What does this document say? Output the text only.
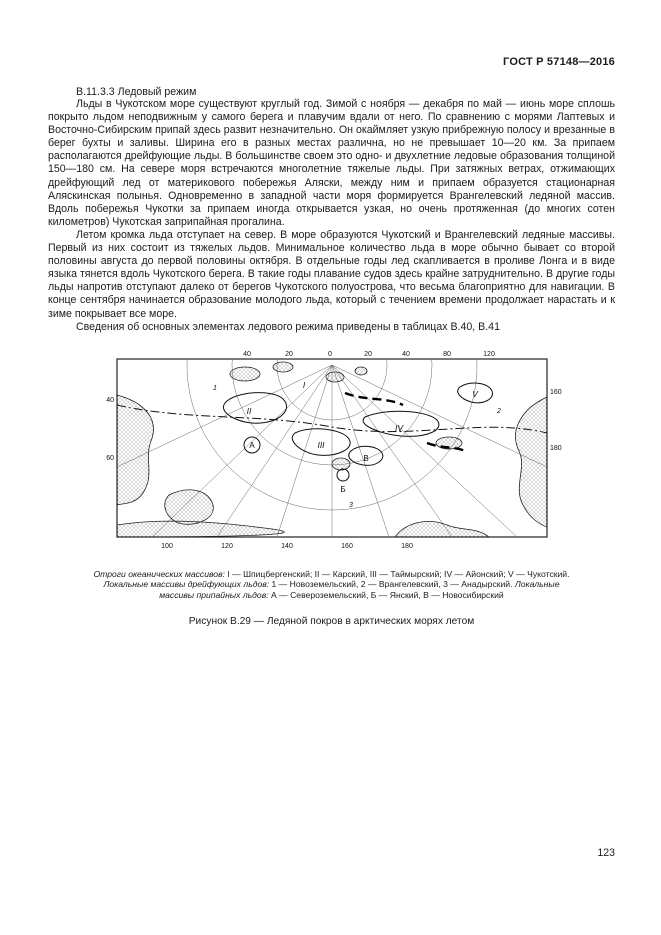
ГОСТ Р 57148—2016
В.11.3.3 Ледовый режим

Льды в Чукотском море существуют круглый год. Зимой с ноября — декабря по май — июнь море сплошь покрыто льдом неподвижным у самого берега и плавучим вдали от него. По сравнению с морями Лаптевых и Восточно-Сибирским припай здесь развит незначительно. Он окаймляет узкую прибрежную полосу и врезанные в берег бухты и заливы. Ширина его в разных местах различна, но не превышает 10—20 км. За припаем располагаются дрейфующие льды. В большинстве своем это одно- и двухлетние ледовые образования толщиной 150—180 см. На севере моря встречаются многолетние тяжелые льды. При затяжных ветрах, отжимающих дрейфующий лед от материкового побережья Аляски, между ним и припаем образуется стационарная Аляскинская полынья. Одновременно в западной части моря формируется Врангелевский ледяной массив. Вдоль побережья Чукотки за припаем иногда открывается узкая, но очень протяженная (до многих сотен километров) Чукотская заприпайная прогалина.

Летом кромка льда отступает на север. В море образуются Чукотский и Врангелевский ледяные массивы. Первый из них состоит из тяжелых льдов. Минимальное количество льда в море обычно бывает со второй половины августа до первой половины октября. В отдельные годы лед скапливается в проливе Лонга и в виде языка тянется вдоль Чукотского берега. В такие годы плавание судов здесь крайне затруднительно. В другие годы льды напротив отступают далеко от берегов Чукотского полуострова, что весьма благоприятно для навигации. В конце сентября начинается образование молодого льда, который с течением времени продолжает нарастать и к зиме покрывает все море.

Сведения об основных элементах ледового режима приведены в таблицах В.40, В.41

I
II
III
IV
V
А
Б
В
1
2
3
40	20	0	20	40	80	120
100	120	140	160	180
40
60
160
180
Отроги океанических массивов: I — Шпицбергенский; II — Карский, III — Таймырский; IV — Айонский; V — Чукотский. Локальные массивы дрейфующих льдов: 1 — Новоземельский, 2 — Врангелевский, 3 — Анадырский. Локальные массивы припайных льдов: А — Североземельский, Б — Янский, В — Новосибирский
Рисунок В.29 — Ледяной покров в арктических морях летом
123
